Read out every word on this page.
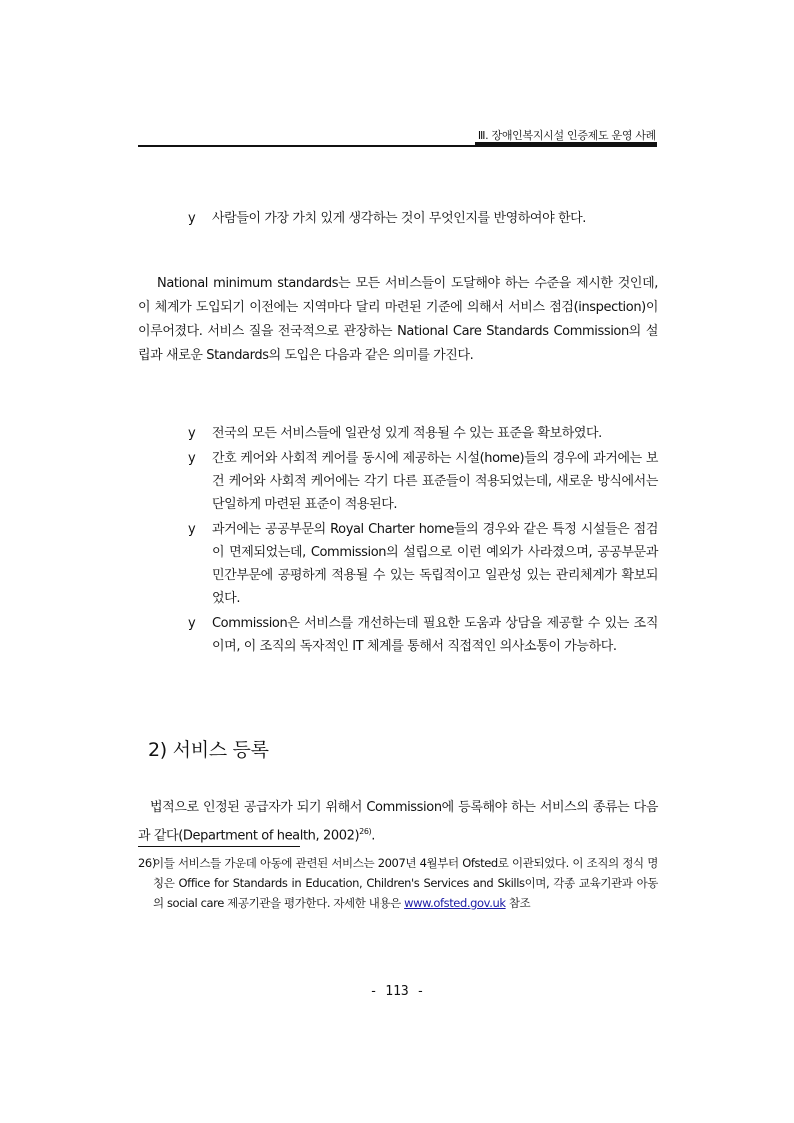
Ⅲ. 장애인복지시설 인증제도 운영 사례
y 사람들이 가장 가치 있게 생각하는 것이 무엇인지를 반영하여야 한다.
National minimum standards는 모든 서비스들이 도달해야 하는 수준을 제시한 것인데, 이 체계가 도입되기 이전에는 지역마다 달리 마련된 기준에 의해서 서비스 점검(inspection)이 이루어졌다. 서비스 질을 전국적으로 관장하는 National Care Standards Commission의 설립과 새로운 Standards의 도입은 다음과 같은 의미를 가진다.
y 전국의 모든 서비스들에 일관성 있게 적용될 수 있는 표준을 확보하였다.
y 간호 케어와 사회적 케어를 동시에 제공하는 시설(home)들의 경우에 과거에는 보건 케어와 사회적 케어에는 각기 다른 표준들이 적용되었는데, 새로운 방식에서는 단일하게 마련된 표준이 적용된다.
y 과거에는 공공부문의 Royal Charter home들의 경우와 같은 특정 시설들은 점검이 면제되었는데, Commission의 설립으로 이런 예외가 사라졌으며, 공공부문과 민간부문에 공평하게 적용될 수 있는 독립적이고 일관성 있는 관리체계가 확보되었다.
y Commission은 서비스를 개선하는데 필요한 도움과 상담을 제공할 수 있는 조직이며, 이 조직의 독자적인 IT 체계를 통해서 직접적인 의사소통이 가능하다.
2) 서비스 등록
법적으로 인정된 공급자가 되기 위해서 Commission에 등록해야 하는 서비스의 종류는 다음과 같다(Department of health, 2002)$^{26)}$.
26)
이들 서비스들 가운데 아동에 관련된 서비스는 2007년 4월부터 Ofsted로 이관되었다. 이 조직의 정식 명칭은 Office for Standards in Education, Children's Services and Skills이며, 각종 교육기관과 아동의 social care 제공기관을 평가한다. 자세한 내용은 www.ofsted.gov.uk 참조
- 113 -
